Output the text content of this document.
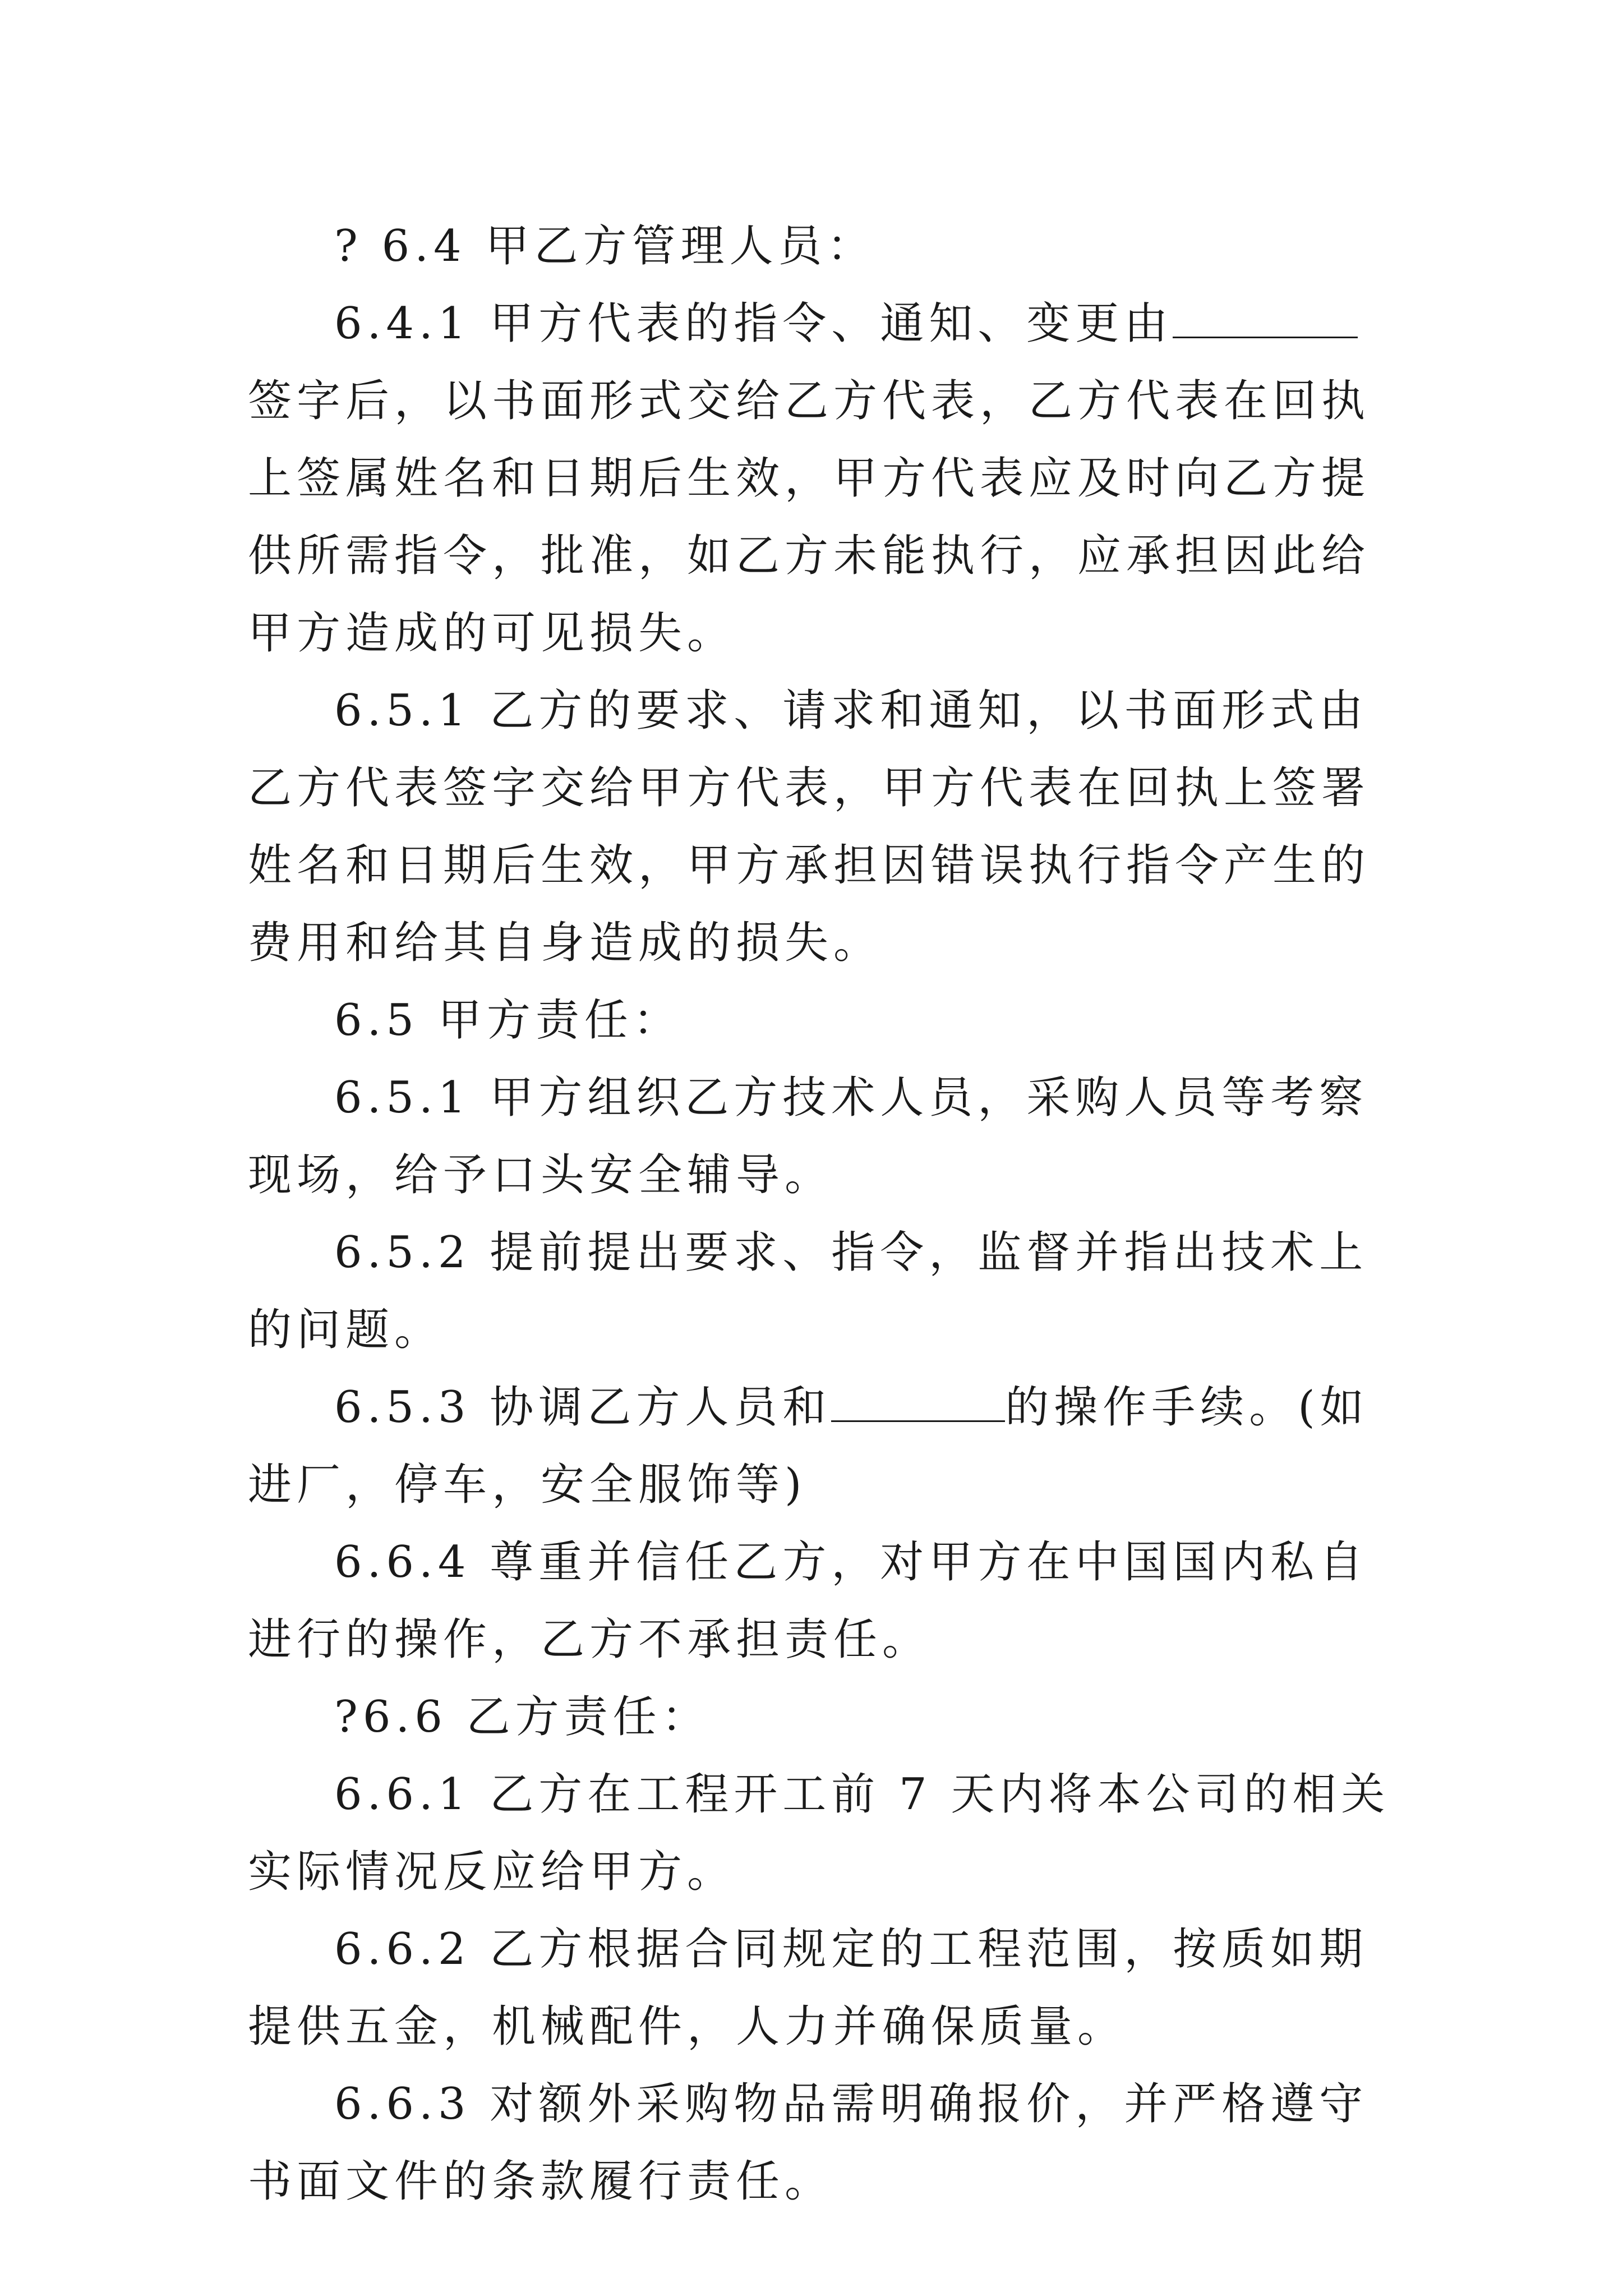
? 6.4 甲乙方管理人员：

6.4.1 甲方代表的指令、通知、变更由签字后，以书面形式交给乙方代表，乙方代表在回执上签属姓名和日期后生效，甲方代表应及时向乙方提供所需指令，批准，如乙方未能执行，应承担因此给甲方造成的可见损失。

6.5.1 乙方的要求、请求和通知，以书面形式由乙方代表签字交给甲方代表，甲方代表在回执上签署姓名和日期后生效，甲方承担因错误执行指令产生的费用和给其自身造成的损失。

6.5 甲方责任：

6.5.1 甲方组织乙方技术人员，采购人员等考察现场，给予口头安全辅导。

6.5.2 提前提出要求、指令，监督并指出技术上的问题。

6.5.3 协调乙方人员和	的操作手续。(如进厂，停车，安全服饰等)

6.6.4 尊重并信任乙方，对甲方在中国国内私自进行的操作，乙方不承担责任。

?6.6 乙方责任：

6.6.1 乙方在工程开工前 7 天内将本公司的相关实际情况反应给甲方。

6.6.2 乙方根据合同规定的工程范围，按质如期提供五金，机械配件，人力并确保质量。

6.6.3 对额外采购物品需明确报价，并严格遵守书面文件的条款履行责任。
